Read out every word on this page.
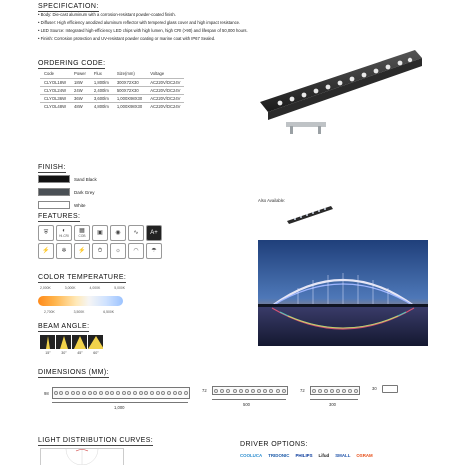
SPECIFICATION:
• Body: Die-cast aluminum with a corrosion-resistant powder-coated finish.
• Diffuser: High efficiency anodized aluminum reflector with tempered glass cover and high impact resistance.
• LED Source: Integrated high-efficiency LED chips with high lumen, high CRI (>90) and lifespan of 50,000 hours.
• Finish: Corrosion protection and UV-resistant powder coating or marine coat with IP67 Sealed.
ORDERING CODE:
Code	Power	Flux	Size(mm)	Voltage
CLYOL18W	18W	1,800lm	300X72X30	AC220V/DC24V
CLYOL24W	24W	2,400lm	500X72X30	AC220V/DC24V
CLYOL36W	36W	3,600lm	1,000X98X30	AC220V/DC24V
CLYOL48W	48W	4,800lm	1,000X98X30	AC220V/DC24V
FINISH:
Sand Black
Dark Grey
White
Also Available:
FEATURES:
⛨ ◐
HI-CRI
▦
COB ▣ ◉ ∿ A+
⚡ ❄ ⚡ ⏱ ☼ ◠ ☂
COLOR TEMPERATURE:
2,000K	3,000K	4,000K	5,000K
2,700K	3,500K	6,500K
BEAM ANGLE:
15°	30°	45°	60°
DIMENSIONS (MM):
98
1,000
72
500
72
300
30
LIGHT DISTRIBUTION CURVES:
DRIVER OPTIONS:
COOLUCA TRIDONIC PHILIPS Lifud SMALL OSRAM
